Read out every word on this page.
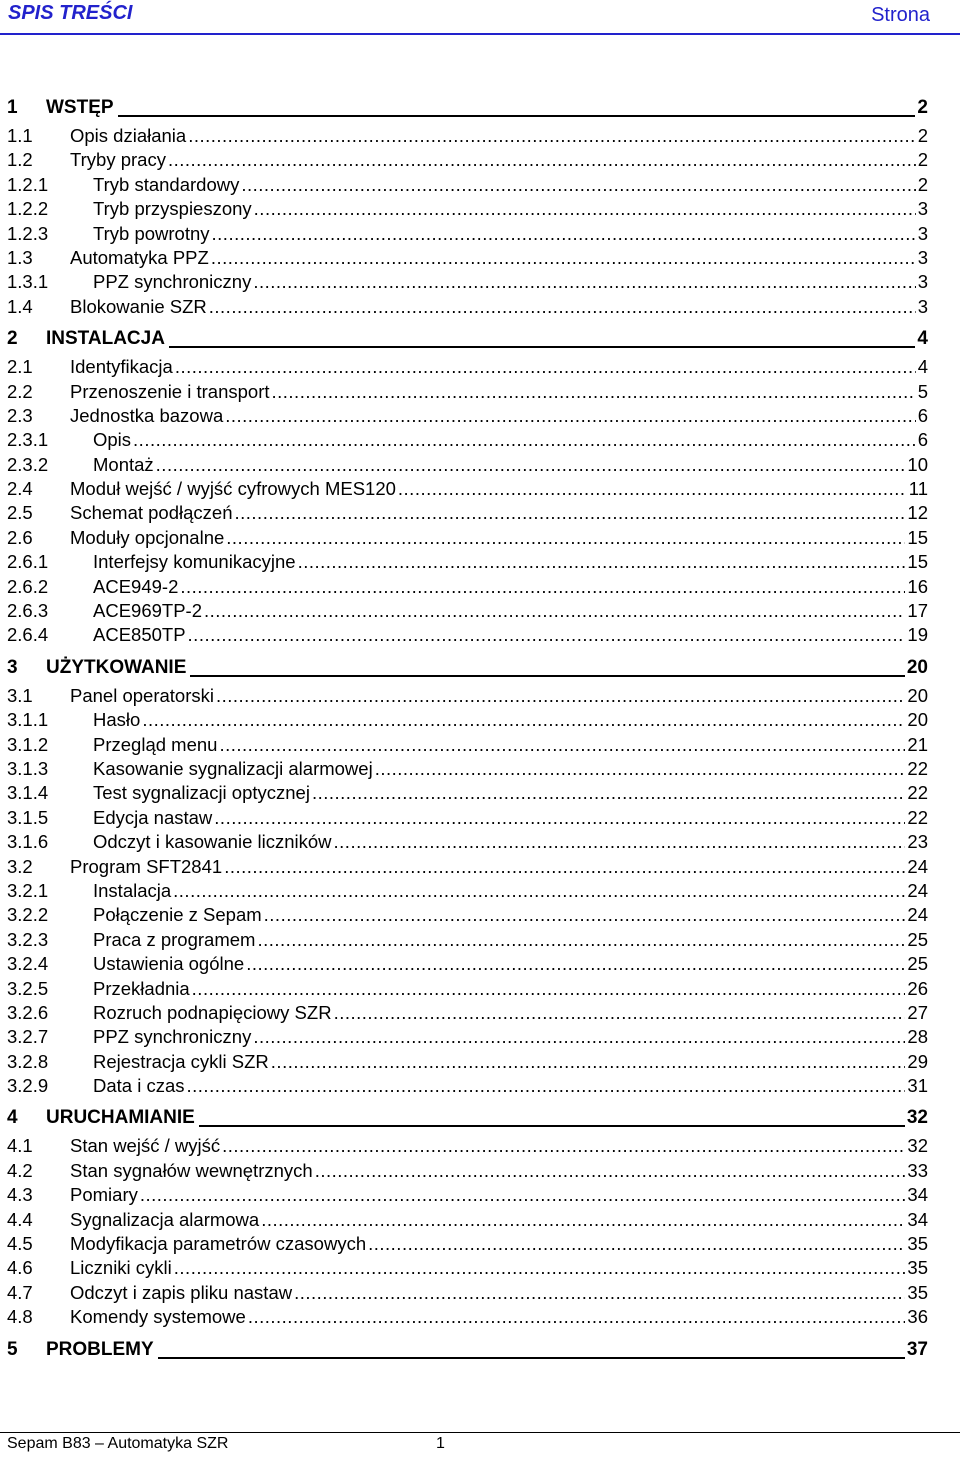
SPIS TREŚCI	Strona
1	WSTĘP	2
1.1	Opis działania .....	2
1.2	Tryby pracy .....	2
1.2.1	Tryb standardowy .....	2
1.2.2	Tryb przyspieszony .....	3
1.2.3	Tryb powrotny .....	3
1.3	Automatyka PPZ .....	3
1.3.1	PPZ synchroniczny .....	3
1.4	Blokowanie SZR .....	3
2	INSTALACJA	4
2.1	Identyfikacja .....	4
2.2	Przenoszenie i transport .....	5
2.3	Jednostka bazowa .....	6
2.3.1	Opis .....	6
2.3.2	Montaż .....	10
2.4	Moduł wejść / wyjść cyfrowych MES120 .....	11
2.5	Schemat podłączeń .....	12
2.6	Moduły opcjonalne .....	15
2.6.1	Interfejsy komunikacyjne .....	15
2.6.2	ACE949-2 .....	16
2.6.3	ACE969TP-2 .....	17
2.6.4	ACE850TP .....	19
3	UŻYTKOWANIE	20
3.1	Panel operatorski .....	20
3.1.1	Hasło .....	20
3.1.2	Przegląd menu .....	21
3.1.3	Kasowanie sygnalizacji alarmowej .....	22
3.1.4	Test sygnalizacji optycznej .....	22
3.1.5	Edycja nastaw .....	22
3.1.6	Odczyt i kasowanie liczników .....	23
3.2	Program SFT2841 .....	24
3.2.1	Instalacja .....	24
3.2.2	Połączenie z Sepam .....	24
3.2.3	Praca z programem .....	25
3.2.4	Ustawienia ogólne .....	25
3.2.5	Przekładnia .....	26
3.2.6	Rozruch podnapięciowy SZR .....	27
3.2.7	PPZ synchroniczny .....	28
3.2.8	Rejestracja cykli SZR .....	29
3.2.9	Data i czas .....	31
4	URUCHAMIANIE	32
4.1	Stan wejść / wyjść .....	32
4.2	Stan sygnałów wewnętrznych .....	33
4.3	Pomiary .....	34
4.4	Sygnalizacja alarmowa .....	34
4.5	Modyfikacja parametrów czasowych .....	35
4.6	Liczniki cykli .....	35
4.7	Odczyt i zapis pliku nastaw .....	35
4.8	Komendy systemowe .....	36
5	PROBLEMY	37
Sepam B83 – Automatyka SZR	1
